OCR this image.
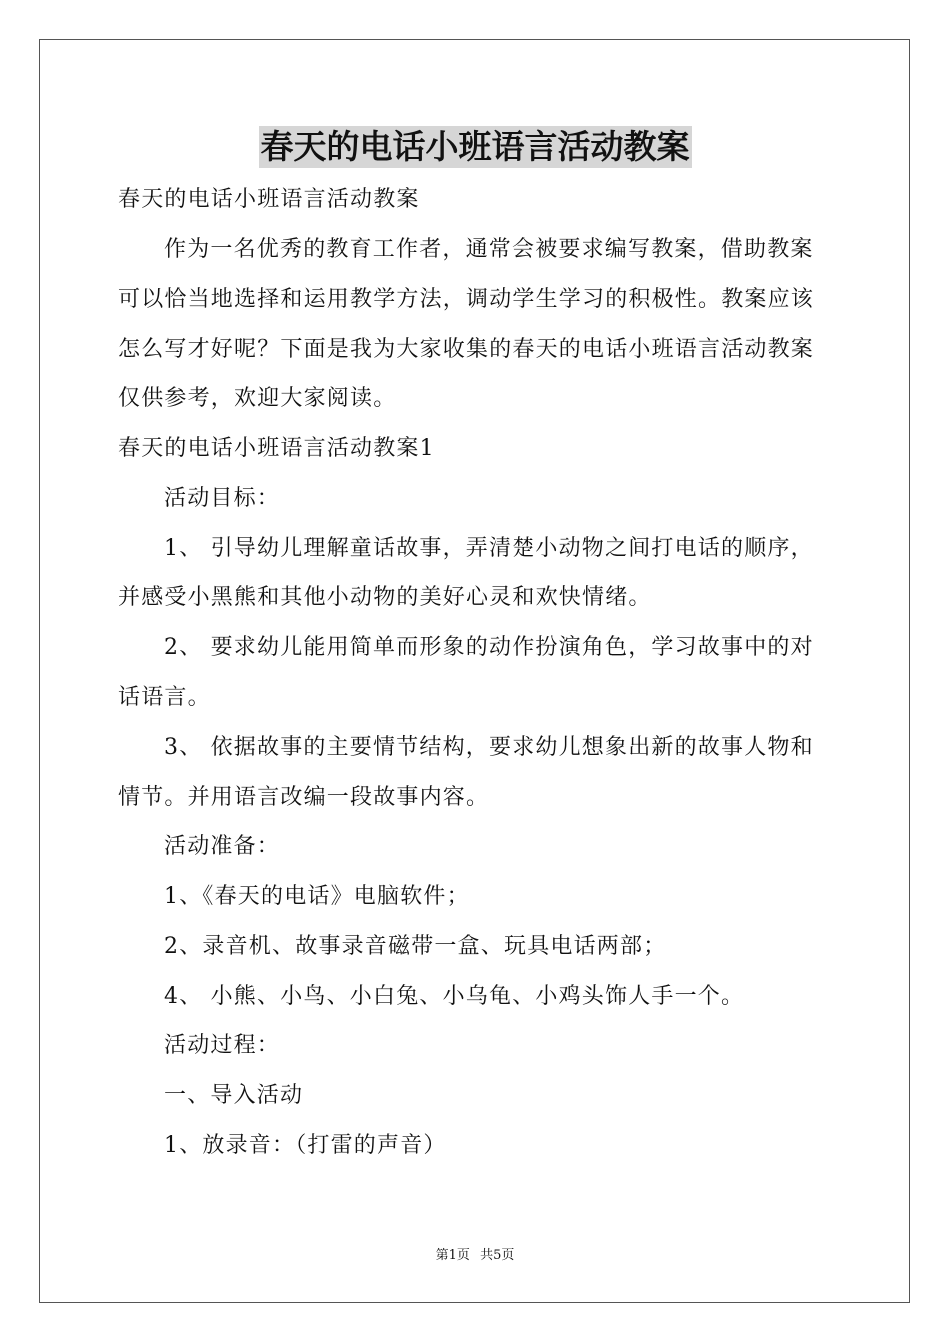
春天的电话小班语言活动教案
春天的电话小班语言活动教案
作为一名优秀的教育工作者，通常会被要求编写教案，借助教案
可以恰当地选择和运用教学方法，调动学生学习的积极性。教案应该
怎么写才好呢？下面是我为大家收集的春天的电话小班语言活动教案
仅供参考，欢迎大家阅读。
春天的电话小班语言活动教案1
活动目标：
1、 引导幼儿理解童话故事，弄清楚小动物之间打电话的顺序，
并感受小黑熊和其他小动物的美好心灵和欢快情绪。
2、 要求幼儿能用简单而形象的动作扮演角色，学习故事中的对
话语言。
3、 依据故事的主要情节结构，要求幼儿想象出新的故事人物和
情节。并用语言改编一段故事内容。
活动准备：
1、《春天的电话》电脑软件；
2、录音机、故事录音磁带一盒、玩具电话两部；
4、 小熊、小鸟、小白兔、小乌龟、小鸡头饰人手一个。
活动过程：
一、导入活动
1、放录音：（打雷的声音）
第1页 共5页
